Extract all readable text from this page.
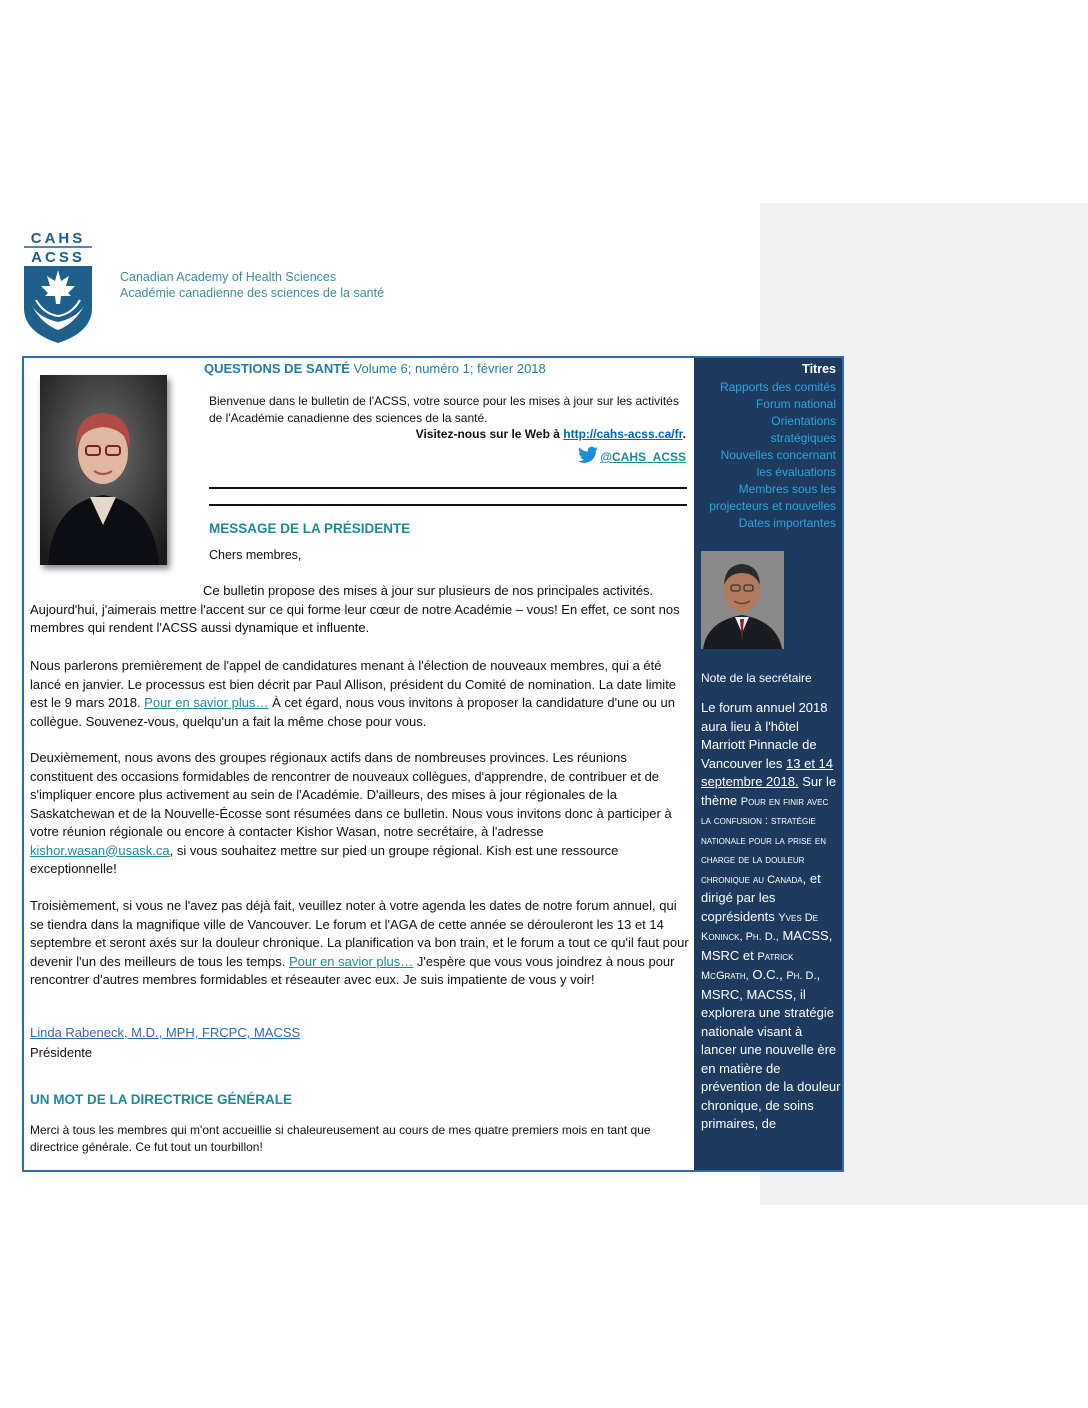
CAHS
ACSS
Canadian Academy of Health Sciences
Académie canadienne des sciences de la santé
QUESTIONS DE SANTÉ Volume 6; numéro 1; février 2018
Bienvenue dans le bulletin de l'ACSS, votre source pour les mises à jour sur les activités de l'Académie canadienne des sciences de la santé.
Visitez-nous sur le Web à http://cahs-acss.ca/fr.
@CAHS_ACSS
MESSAGE DE LA PRÉSIDENTE
Chers membres,

Ce bulletin propose des mises à jour sur plusieurs de nos principales activités. Aujourd'hui, j'aimerais mettre l'accent sur ce qui forme leur cœur de notre Académie – vous! En effet, ce sont nos membres qui rendent l'ACSS aussi dynamique et influente.

Nous parlerons premièrement de l'appel de candidatures menant à l'élection de nouveaux membres, qui a été lancé en janvier. Le processus est bien décrit par Paul Allison, président du Comité de nomination. La date limite est le 9 mars 2018. Pour en savior plus… À cet égard, nous vous invitons à proposer la candidature d'une ou un collègue. Souvenez-vous, quelqu'un a fait la même chose pour vous.

Deuxièmement, nous avons des groupes régionaux actifs dans de nombreuses provinces. Les réunions constituent des occasions formidables de rencontrer de nouveaux collègues, d'apprendre, de contribuer et de s'impliquer encore plus activement au sein de l'Académie. D'ailleurs, des mises à jour régionales de la Saskatchewan et de la Nouvelle-Écosse sont résumées dans ce bulletin. Nous vous invitons donc à participer à votre réunion régionale ou encore à contacter Kishor Wasan, notre secrétaire, à l'adresse kishor.wasan@usask.ca, si vous souhaitez mettre sur pied un groupe régional. Kish est une ressource exceptionnelle!

Troisièmement, si vous ne l'avez pas déjà fait, veuillez noter à votre agenda les dates de notre forum annuel, qui se tiendra dans la magnifique ville de Vancouver. Le forum et l'AGA de cette année se dérouleront les 13 et 14 septembre et seront axés sur la douleur chronique. La planification va bon train, et le forum a tout ce qu'il faut pour devenir l'un des meilleurs de tous les temps. Pour en savior plus… J'espère que vous vous joindrez à nous pour rencontrer d'autres membres formidables et réseauter avec eux. Je suis impatiente de vous y voir!

Linda Rabeneck, M.D., MPH, FRCPC, MACSS
Présidente
UN MOT DE LA DIRECTRICE GÉNÉRALE
Merci à tous les membres qui m'ont accueillie si chaleureusement au cours de mes quatre premiers mois en tant que directrice générale. Ce fut tout un tourbillon!
Titres
Rapports des comités
Forum national
Orientations
stratégiques
Nouvelles concernant
les évaluations
Membres sous les
projecteurs et nouvelles
Dates importantes
Note de la secrétaire
Le forum annuel 2018 aura lieu à l'hôtel Marriott Pinnacle de Vancouver les 13 et 14 septembre 2018. Sur le thème Pour en finir avec la confusion : stratégie nationale pour la prise en charge de la douleur chronique au Canada, et dirigé par les coprésidents Yves De Koninck, Ph. D., MACSS, MSRC et Patrick McGrath, O.C., Ph. D., MSRC, MACSS, il explorera une stratégie nationale visant à lancer une nouvelle ère en matière de prévention de la douleur chronique, de soins primaires, de
